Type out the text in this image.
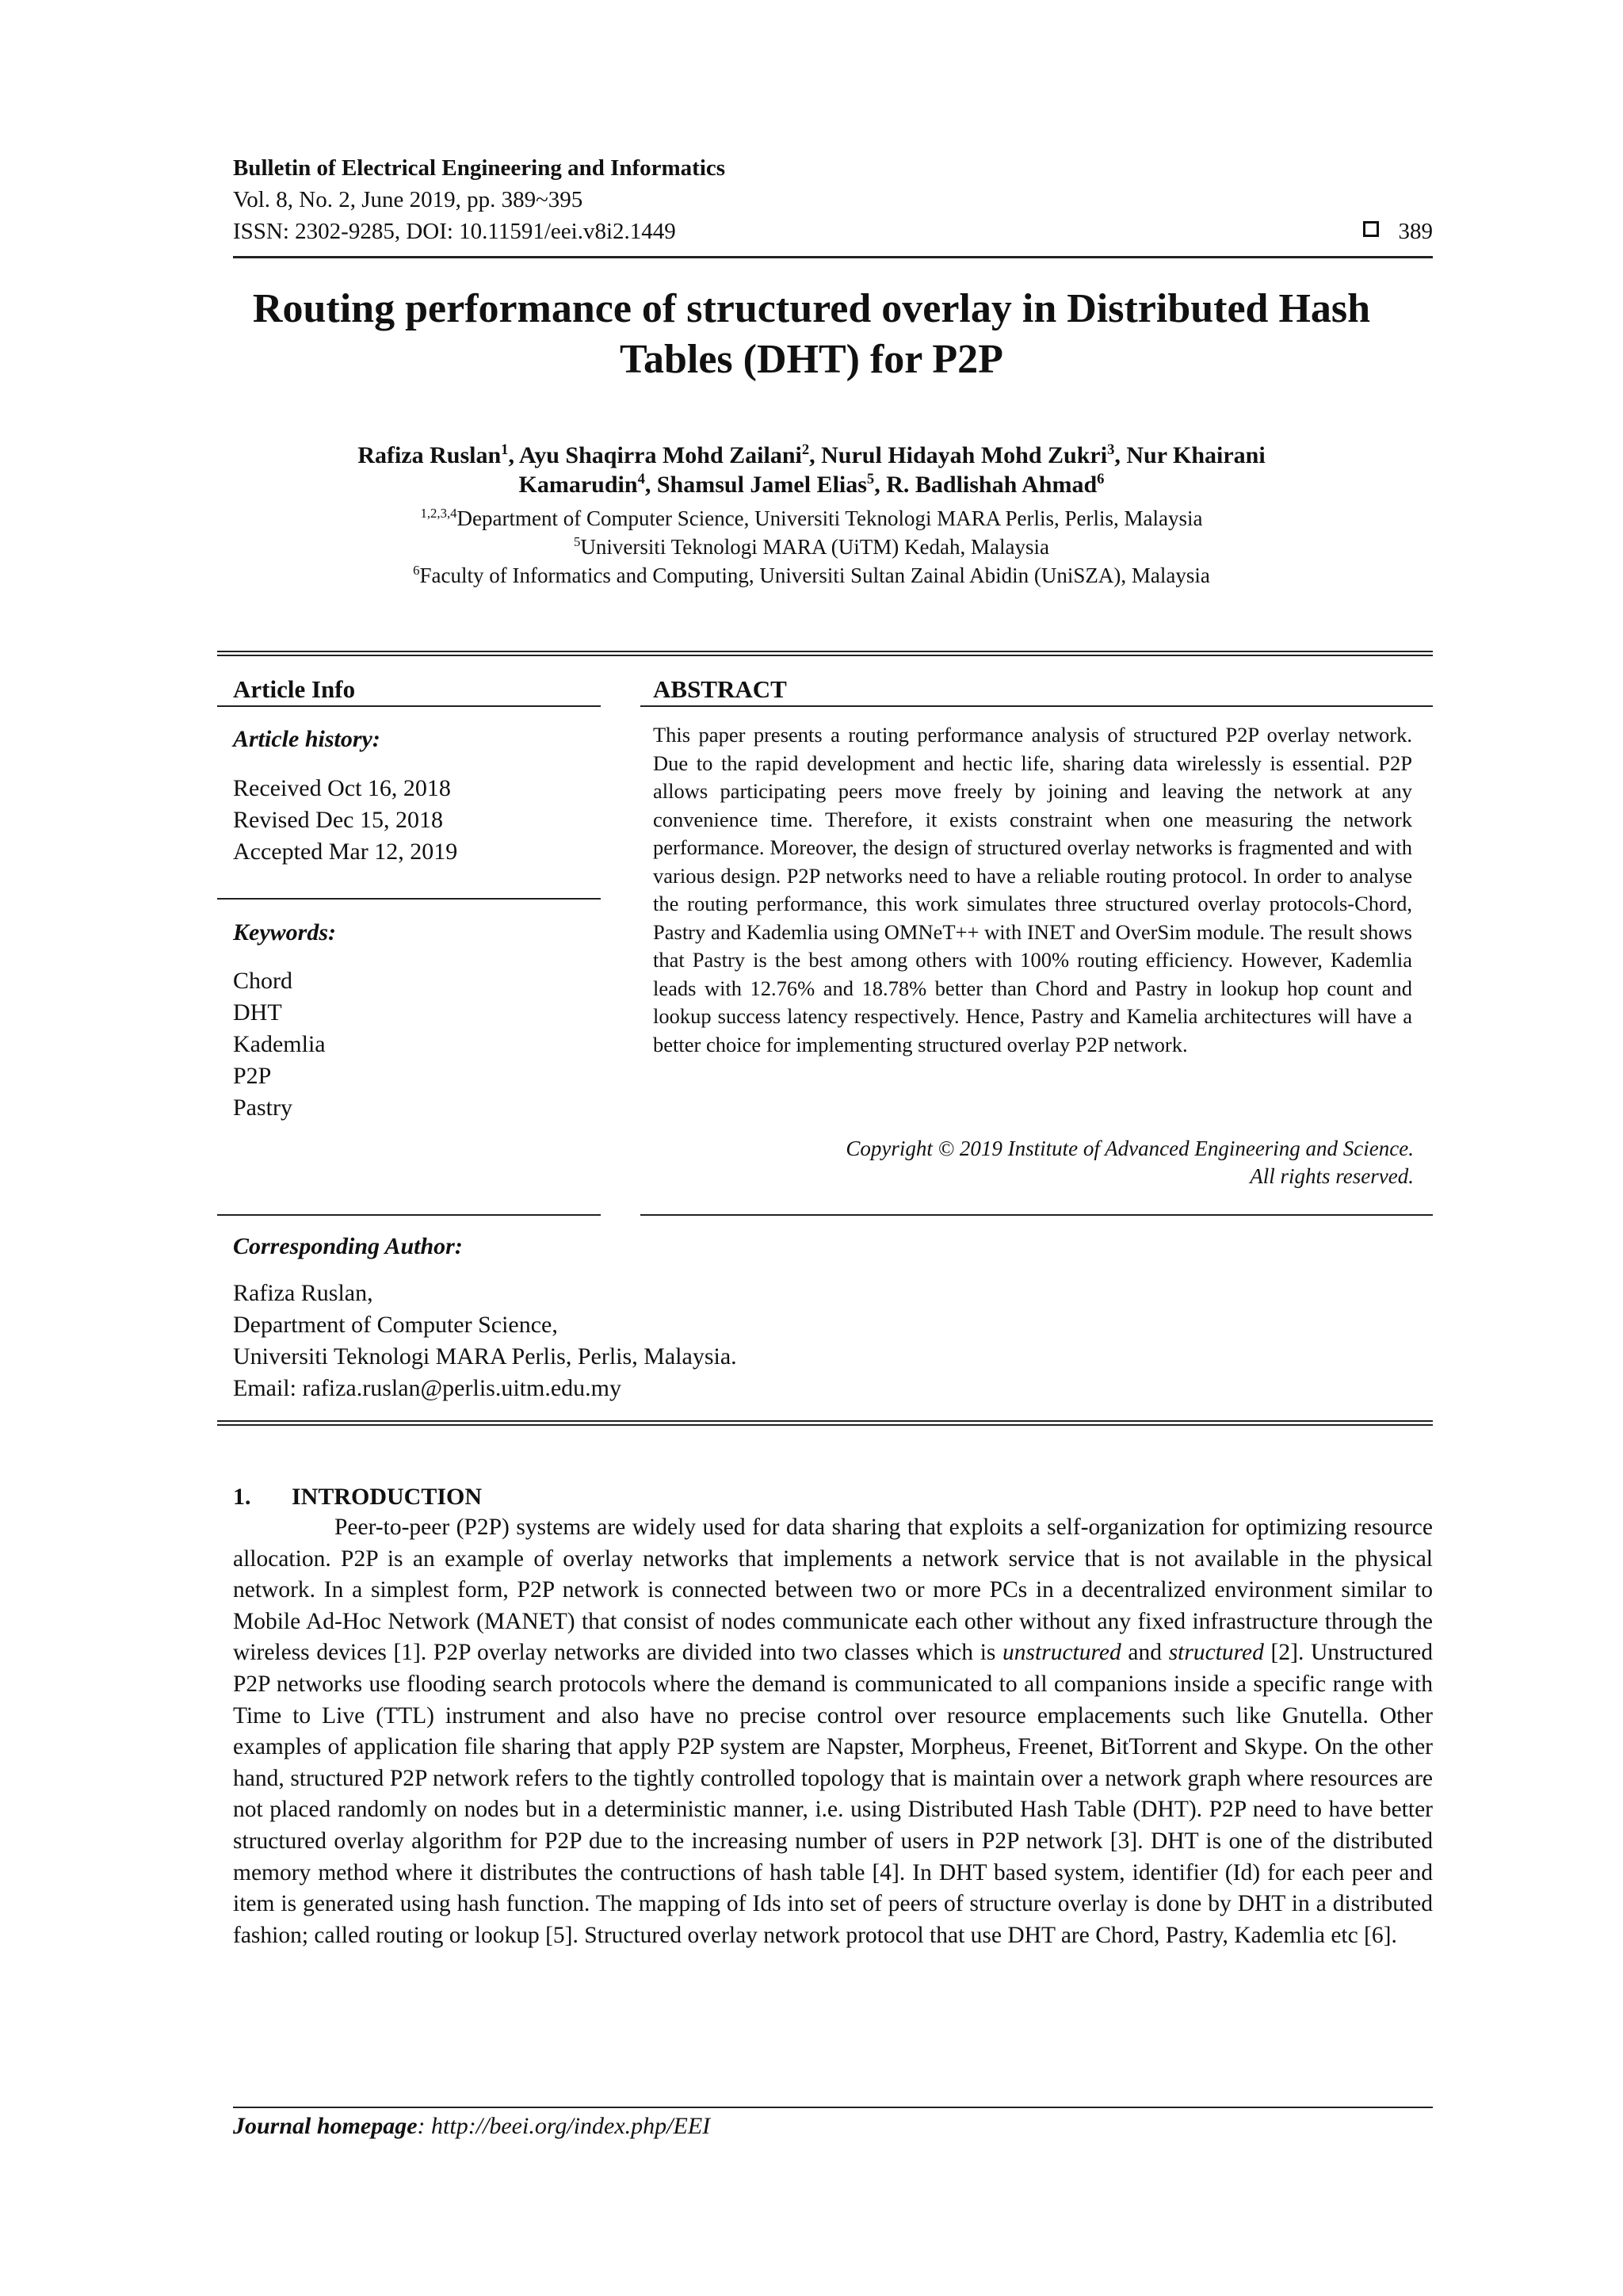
Bulletin of Electrical Engineering and Informatics
Vol. 8, No. 2, June 2019, pp. 389~395
ISSN: 2302-9285, DOI: 10.11591/eei.v8i2.1449	389
Routing performance of structured overlay in Distributed Hash
Tables (DHT) for P2P
Rafiza Ruslan$^1$, Ayu Shaqirra Mohd Zailani$^2$, Nurul Hidayah Mohd Zukri$^3$, Nur Khairani
Kamarudin$^4$, Shamsul Jamel Elias$^5$, R. Badlishah Ahmad$^6$
$^{1,2,3,4}$Department of Computer Science, Universiti Teknologi MARA Perlis, Perlis, Malaysia
$^5$Universiti Teknologi MARA (UiTM) Kedah, Malaysia
$^6$Faculty of Informatics and Computing, Universiti Sultan Zainal Abidin (UniSZA), Malaysia
Article Info
Article history:
Received Oct 16, 2018
Revised Dec 15, 2018
Accepted Mar 12, 2019
Keywords:
Chord
DHT
Kademlia
P2P
Pastry
ABSTRACT
This paper presents a routing performance analysis of structured P2P overlay network. Due to the rapid development and hectic life, sharing data wirelessly is essential. P2P allows participating peers move freely by joining and leaving the network at any convenience time. Therefore, it exists constraint when one measuring the network performance. Moreover, the design of structured overlay networks is fragmented and with various design. P2P networks need to have a reliable routing protocol. In order to analyse the routing performance, this work simulates three structured overlay protocols-Chord, Pastry and Kademlia using OMNeT++ with INET and OverSim module. The result shows that Pastry is the best among others with 100% routing efficiency. However, Kademlia leads with 12.76% and 18.78% better than Chord and Pastry in lookup hop count and lookup success latency respectively. Hence, Pastry and Kamelia architectures will have a better choice for implementing structured overlay P2P network.
Copyright © 2019 Institute of Advanced Engineering and Science.
All rights reserved.
Corresponding Author:
Rafiza Ruslan,
Department of Computer Science,
Universiti Teknologi MARA Perlis, Perlis, Malaysia.
Email: rafiza.ruslan@perlis.uitm.edu.my
1. INTRODUCTION
Peer-to-peer (P2P) systems are widely used for data sharing that exploits a self-organization for optimizing resource allocation. P2P is an example of overlay networks that implements a network service that is not available in the physical network. In a simplest form, P2P network is connected between two or more PCs in a decentralized environment similar to Mobile Ad-Hoc Network (MANET) that consist of nodes communicate each other without any fixed infrastructure through the wireless devices [1]. P2P overlay networks are divided into two classes which is unstructured and structured [2]. Unstructured P2P networks use flooding search protocols where the demand is communicated to all companions inside a specific range with Time to Live (TTL) instrument and also have no precise control over resource emplacements such like Gnutella. Other examples of application file sharing that apply P2P system are Napster, Morpheus, Freenet, BitTorrent and Skype. On the other hand, structured P2P network refers to the tightly controlled topology that is maintain over a network graph where resources are not placed randomly on nodes but in a deterministic manner, i.e. using Distributed Hash Table (DHT). P2P need to have better structured overlay algorithm for P2P due to the increasing number of users in P2P network [3]. DHT is one of the distributed memory method where it distributes the contructions of hash table [4]. In DHT based system, identifier (Id) for each peer and item is generated using hash function. The mapping of Ids into set of peers of structure overlay is done by DHT in a distributed fashion; called routing or lookup [5]. Structured overlay network protocol that use DHT are Chord, Pastry, Kademlia etc [6].
Journal homepage: http://beei.org/index.php/EEI
